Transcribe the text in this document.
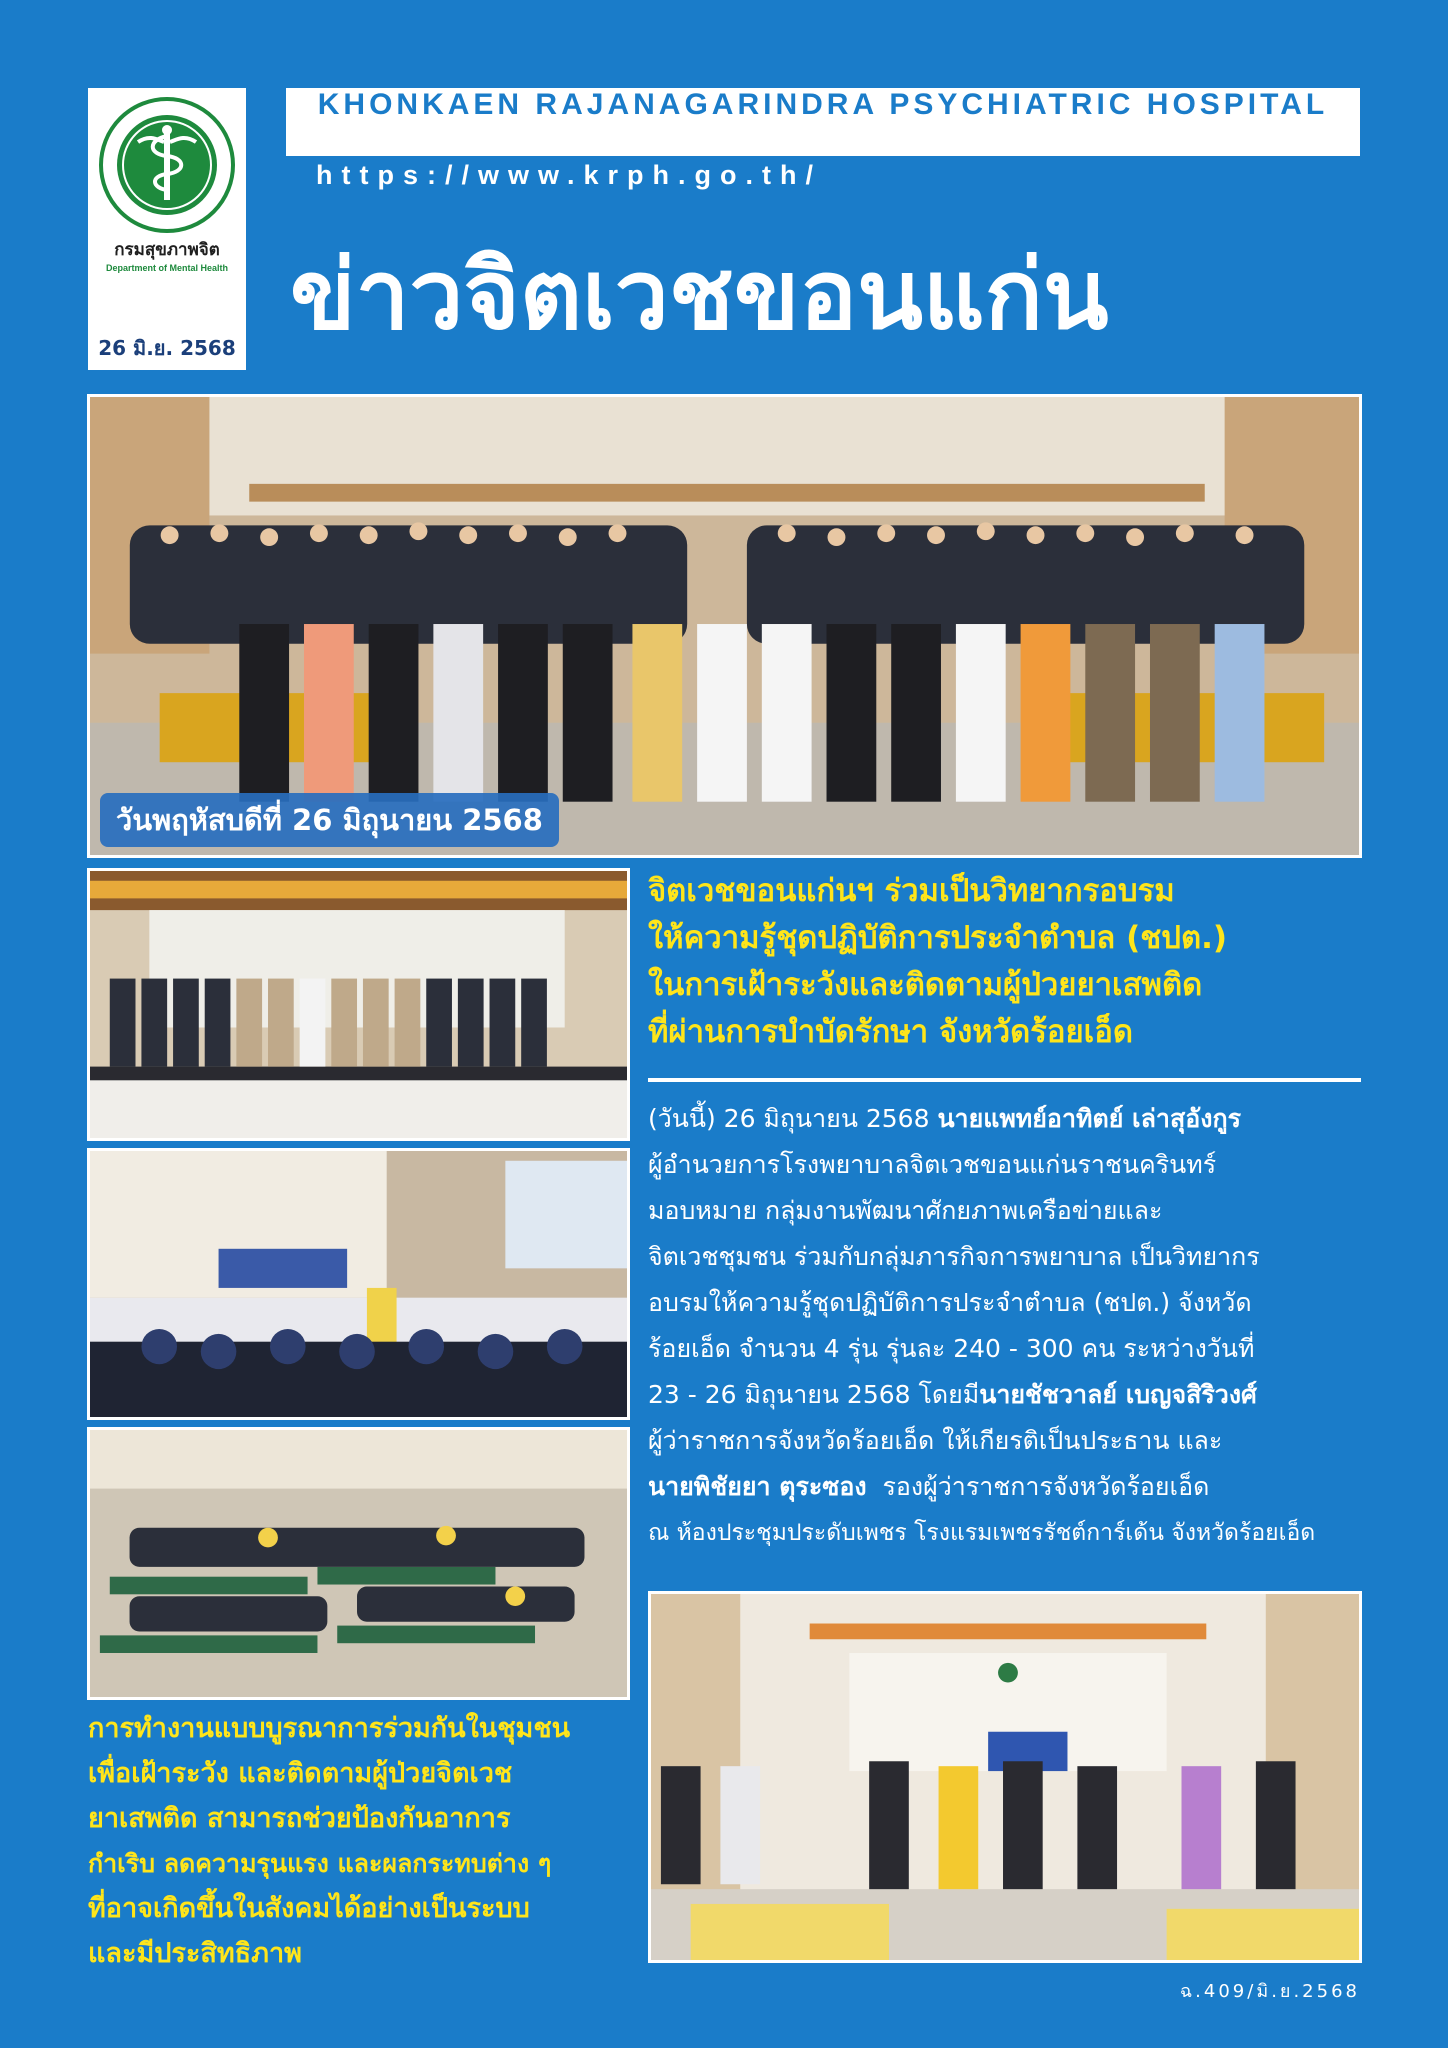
กรมสุขภาพจิต
Department of Mental Health
26 มิ.ย. 2568
KHONKAEN RAJANAGARINDRA PSYCHIATRIC HOSPITAL
https://www.krph.go.th/
ข่าวจิตเวชขอนแก่น
วันพฤหัสบดีที่ 26 มิถุนายน 2568
จิตเวชขอนแก่นฯ ร่วมเป็นวิทยากรอบรม
ให้ความรู้ชุดปฏิบัติการประจำตำบล (ชปต.)
ในการเฝ้าระวังและติดตามผู้ป่วยยาเสพติด
ที่ผ่านการบำบัดรักษา จังหวัดร้อยเอ็ด
(วันนี้) 26 มิถุนายน 2568 นายแพทย์อาทิตย์ เล่าสุอังกูร
ผู้อำนวยการโรงพยาบาลจิตเวชขอนแก่นราชนครินทร์
มอบหมาย กลุ่มงานพัฒนาศักยภาพเครือข่ายและ
จิตเวชชุมชน ร่วมกับกลุ่มภารกิจการพยาบาล เป็นวิทยากร
อบรมให้ความรู้ชุดปฏิบัติการประจำตำบล (ชปต.) จังหวัด
ร้อยเอ็ด จำนวน 4 รุ่น รุ่นละ 240 - 300 คน ระหว่างวันที่
23 - 26 มิถุนายน 2568 โดยมีนายชัชวาลย์ เบญจสิริวงศ์
ผู้ว่าราชการจังหวัดร้อยเอ็ด ให้เกียรติเป็นประธาน และ
นายพิชัยยา ตุระซอง  รองผู้ว่าราชการจังหวัดร้อยเอ็ด
ณ ห้องประชุมประดับเพชร โรงแรมเพชรรัชต์การ์เด้น จังหวัดร้อยเอ็ด
การทำงานแบบบูรณาการร่วมกันในชุมชน
เพื่อเฝ้าระวัง และติดตามผู้ป่วยจิตเวช
ยาเสพติด สามารถช่วยป้องกันอาการ
กำเริบ ลดความรุนแรง และผลกระทบต่าง ๆ
ที่อาจเกิดขึ้นในสังคมได้อย่างเป็นระบบ
และมีประสิทธิภาพ
ฉ.409/มิ.ย.2568
